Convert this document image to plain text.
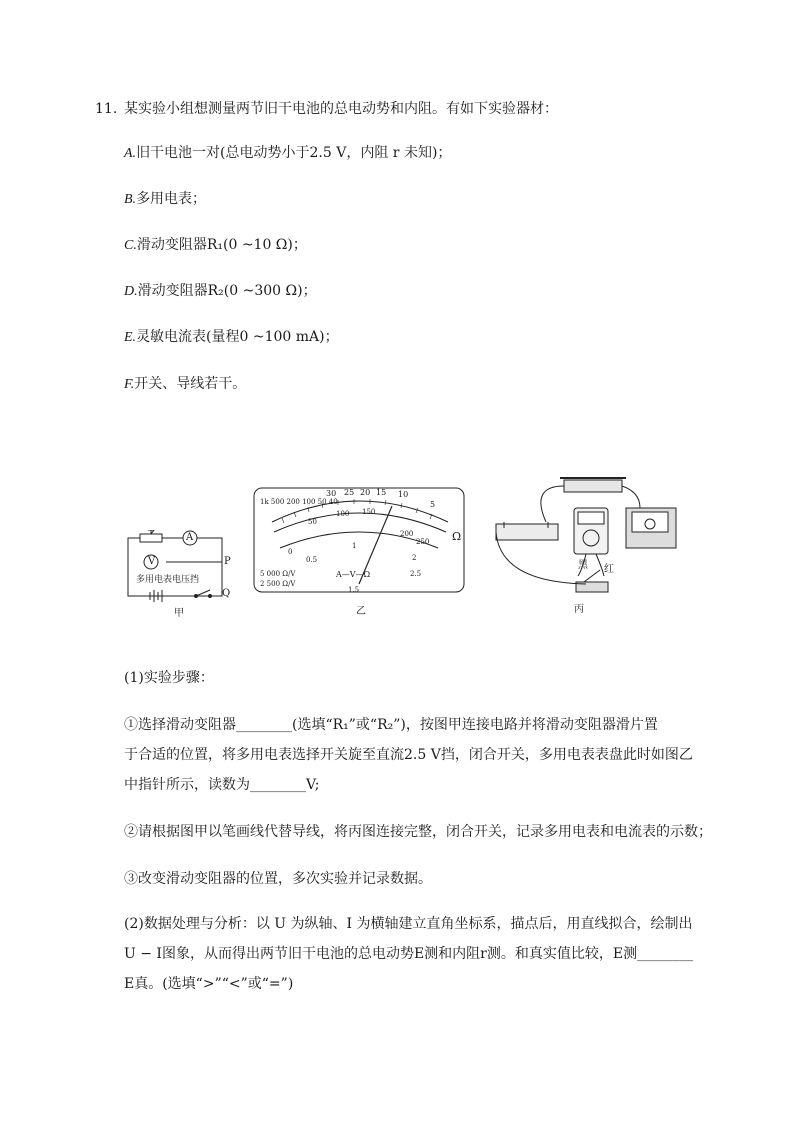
11. 某实验小组想测量两节旧干电池的总电动势和内阻。有如下实验器材：
A.旧干电池一对(总电动势小于2.5 V，内阻 r 未知)；
B.多用电表；
C.滑动变阻器R₁(0 ~10 Ω)；
D.滑动变阻器R₂(0 ~300 Ω)；
E.灵敏电流表(量程0 ~100 mA)；
F.开关、导线若干。
A
V	P
Q
多用电表电压挡
甲
1k 500 200 100 50 40
30 25 20 15 10
5
Ω
50
100 150
200
250
0
0.5
1
1.5
2
2.5
A—V—Ω
5 000 Ω/V
2 500 Ω/V
乙
黑 红
丙
(1)实验步骤：
①选择滑动变阻器________(选填“R₁”或“R₂”)，按图甲连接电路并将滑动变阻器滑片置
于合适的位置，将多用电表选择开关旋至直流2.5 V挡，闭合开关，多用电表表盘此时如图乙
中指针所示，读数为________V;
②请根据图甲以笔画线代替导线，将丙图连接完整，闭合开关，记录多用电表和电流表的示数；
③改变滑动变阻器的位置，多次实验并记录数据。
(2)数据处理与分析：以 U 为纵轴、I 为横轴建立直角坐标系，描点后，用直线拟合，绘制出
U − I图象，从而得出两节旧干电池的总电动势E测和内阻r测。和真实值比较，E测________
E真。(选填“>”“<”或“=”)
